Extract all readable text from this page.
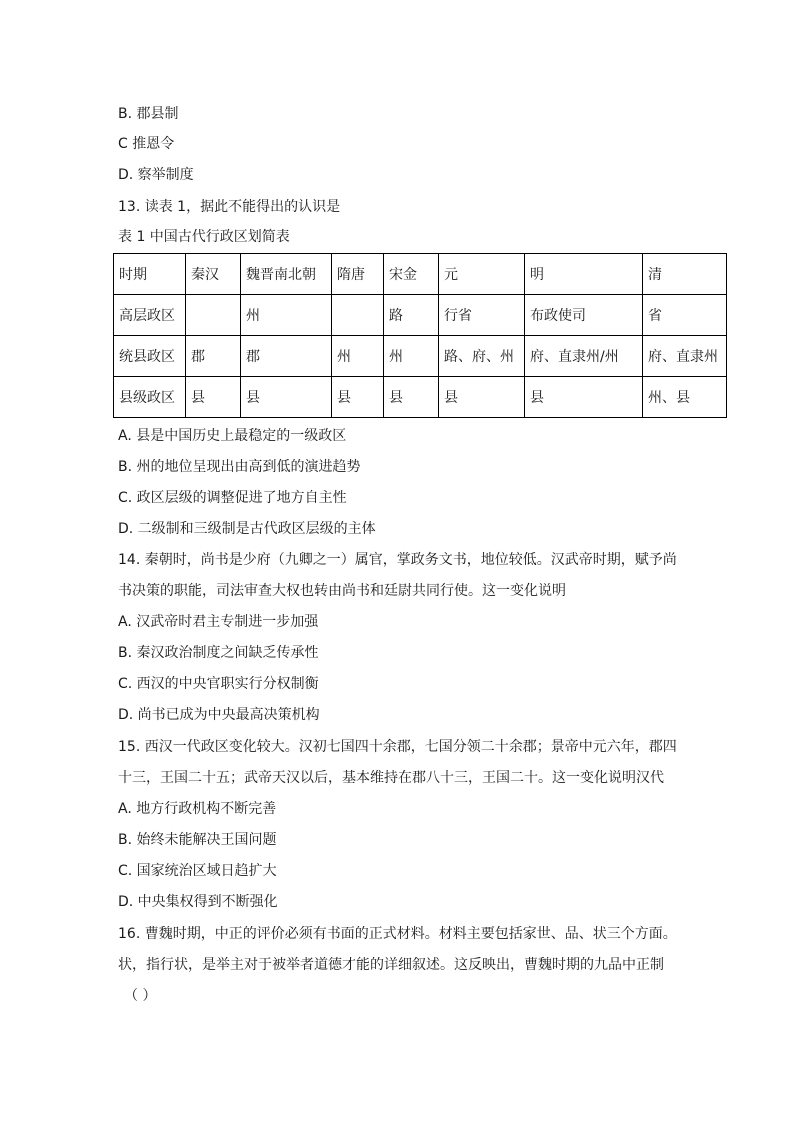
B. 郡县制
C 推恩令
D. 察举制度
13. 读表 1，据此不能得出的认识是
表 1 中国古代行政区划简表
时期	秦汉	魏晋南北朝	隋唐	宋金	元	明	清
高层政区		州		路	行省	布政使司	省
统县政区	郡	郡	州	州	路、府、州	府、直隶州/州	府、直隶州
县级政区	县	县	县	县	县	县	州、县
A. 县是中国历史上最稳定的一级政区
B. 州的地位呈现出由高到低的演进趋势
C. 政区层级的调整促进了地方自主性
D. 二级制和三级制是古代政区层级的主体
14. 秦朝时，尚书是少府（九卿之一）属官，掌政务文书，地位较低。汉武帝时期，赋予尚
书决策的职能，司法审查大权也转由尚书和廷尉共同行使。这一变化说明
A. 汉武帝时君主专制进一步加强
B. 秦汉政治制度之间缺乏传承性
C. 西汉的中央官职实行分权制衡
D. 尚书已成为中央最高决策机构
15. 西汉一代政区变化较大。汉初七国四十余郡，七国分领二十余郡；景帝中元六年，郡四
十三，王国二十五；武帝天汉以后，基本维持在郡八十三，王国二十。这一变化说明汉代
A. 地方行政机构不断完善
B. 始终未能解决王国问题
C. 国家统治区域日趋扩大
D. 中央集权得到不断强化
16. 曹魏时期，中正的评价必须有书面的正式材料。材料主要包括家世、品、状三个方面。
状，指行状，是举主对于被举者道德才能的详细叙述。这反映出，曹魏时期的九品中正制
（ ）
